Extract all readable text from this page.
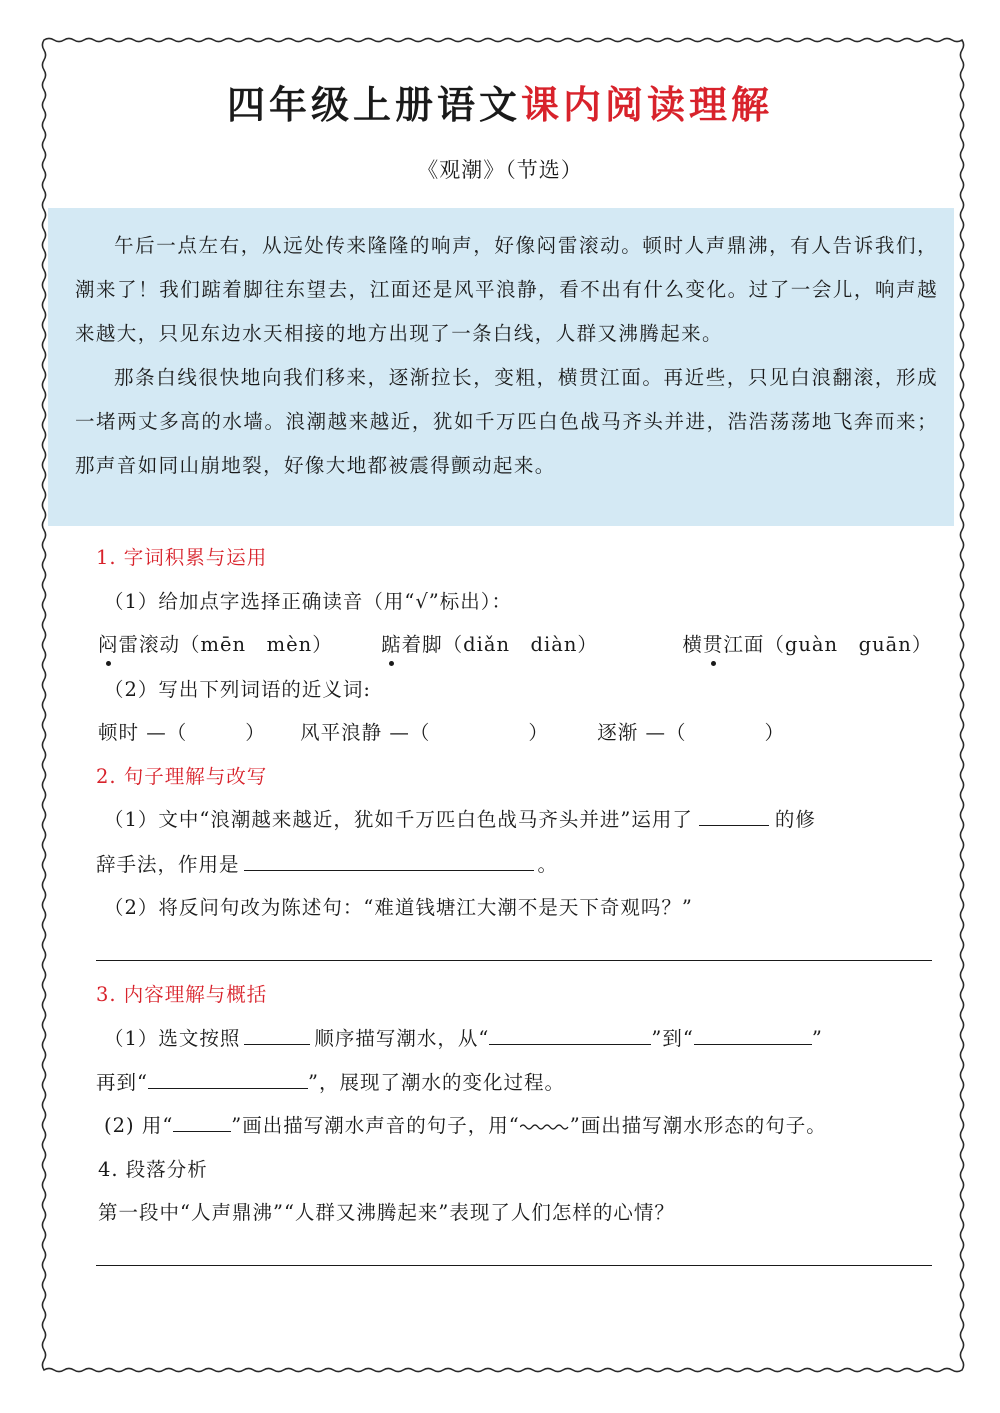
四年级上册语文课内阅读理解
《观潮》（节选）

午后一点左右，从远处传来隆隆的响声，好像闷雷滚动。顿时人声鼎沸，有人告诉我们，潮来了！我们踮着脚往东望去，江面还是风平浪静，看不出有什么变化。过了一会儿，响声越来越大，只见东边水天相接的地方出现了一条白线，人群又沸腾起来。

那条白线很快地向我们移来，逐渐拉长，变粗，横贯江面。再近些，只见白浪翻滚，形成一堵两丈多高的水墙。浪潮越来越近，犹如千万匹白色战马齐头并进，浩浩荡荡地飞奔而来；那声音如同山崩地裂，好像大地都被震得颤动起来。

1. 字词积累与运用
（1）给加点字选择正确读音（用“√”标出）：
闷雷滚动（mēn　mèn） 踮着脚（diǎn　diàn）	横贯江面（guàn　guān）
（2）写出下列词语的近义词:
顿时 —（	） 风平浪静 —（	） 逐渐 —（	）
2. 句子理解与改写
（1）文中“浪潮越来越近，犹如千万匹白色战马齐头并进”运用了	的修
辞手法，作用是	。
（2）将反问句改为陈述句：“难道钱塘江大潮不是天下奇观吗？”
3. 内容理解与概括
（1）选文按照	顺序描写潮水，从“	”到“	”
再到“	”，展现了潮水的变化过程。
(2) 用“	”画出描写潮水声音的句子，用“	”画出描写潮水形态的句子。
4. 段落分析
第一段中“人声鼎沸”“人群又沸腾起来”表现了人们怎样的心情？
